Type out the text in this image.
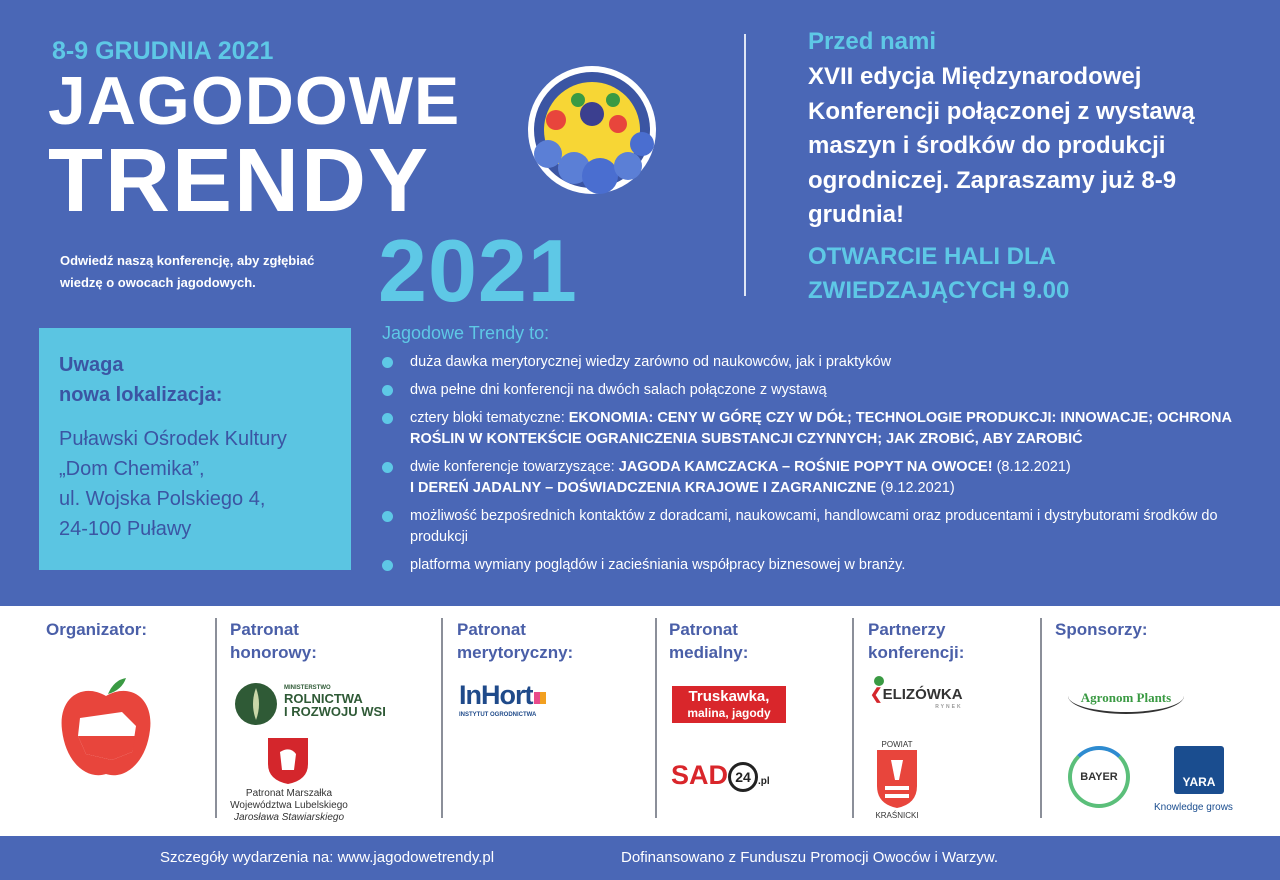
8-9 GRUDNIA 2021
JAGODOWE
TRENDY
2021
Odwiedź naszą konferencję, aby zgłębiać wiedzę o owocach jagodowych.
Przed nami
XVII edycja Międzynarodowej Konferencji połączonej z wystawą maszyn i środków do produkcji ogrodniczej. Zapraszamy już 8-9 grudnia!
OTWARCIE HALI DLA
ZWIEDZAJĄCYCH 9.00
Uwaga
nowa lokalizacja:

Puławski Ośrodek Kultury

„Dom Chemika”,

ul. Wojska Polskiego 4,

24-100 Puławy

Jagodowe Trendy to:
duża dawka merytorycznej wiedzy zarówno od naukowców, jak i praktyków
dwa pełne dni konferencji na dwóch salach połączone z wystawą
cztery bloki tematyczne: EKONOMIA: CENY W GÓRĘ CZY W DÓŁ; TECHNOLOGIE PRODUKCJI: INNOWACJE; OCHRONA ROŚLIN W KONTEKŚCIE OGRANICZENIA SUBSTANCJI CZYNNYCH; JAK ZROBIĆ, ABY ZAROBIĆ
dwie konferencje towarzyszące: JAGODA KAMCZACKA – ROŚNIE POPYT NA OWOCE! (8.12.2021)
I DEREŃ JADALNY – DOŚWIADCZENIA KRAJOWE I ZAGRANICZNE (9.12.2021)
możliwość bezpośrednich kontaktów z doradcami, naukowcami, handlowcami oraz producentami i dystrybutorami środków do produkcji
platforma wymiany poglądów i zacieśniania współpracy biznesowej w branży.
Organizator:	Patronat honorowy:
Patronat merytoryczny:
Patronat medialny:
Partnerzy konferencji:
Sponsorzy:
MINISTERSTWO
ROLNICTWA
I ROZWOJU WSI
Patronat Marszałka
Województwa Lubelskiego
Jarosława Stawiarskiego
InHort
INSTYTUT OGRODNICTWA
Truskawka,
malina, jagody
SAD 24 .pl
❮ELIZÓWKA
RYNEK
POWIAT
KRAŚNICKI
Agronom Plants
BAYER	YARA
Knowledge grows
Szczegóły wydarzenia na: www.jagodowetrendy.pl	Dofinansowano z Funduszu Promocji Owoców i Warzyw.
